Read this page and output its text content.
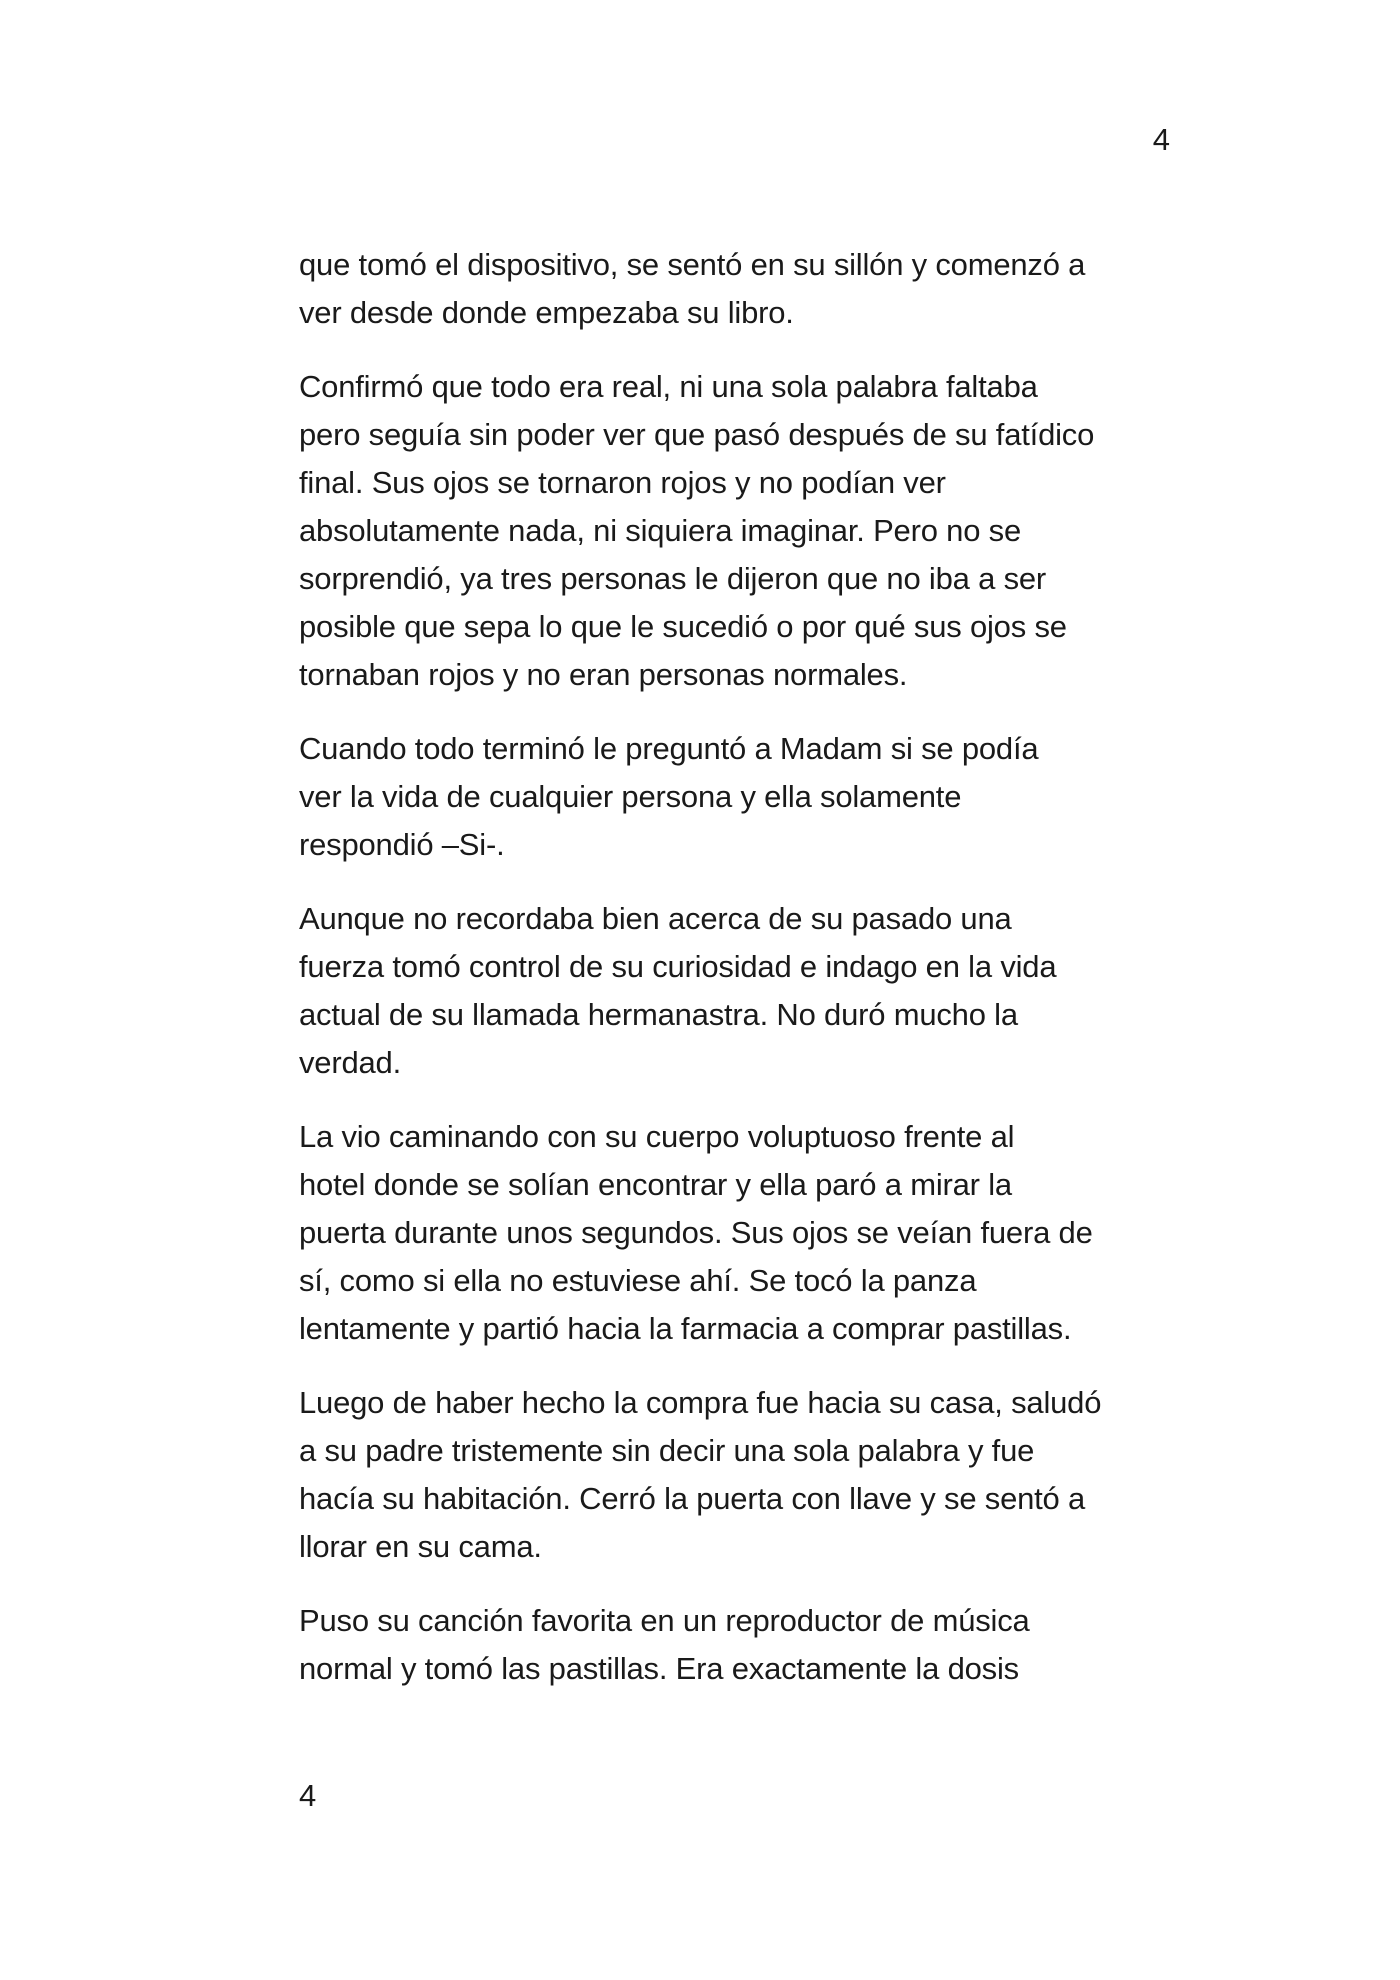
4

que tomó el dispositivo, se sentó en su sillón y comenzó a
ver desde donde empezaba su libro.

Confirmó que todo era real, ni una sola palabra faltaba
pero seguía sin poder ver que pasó después de su fatídico
final. Sus ojos se tornaron rojos y no podían ver
absolutamente nada, ni siquiera imaginar. Pero no se
sorprendió, ya tres personas le dijeron que no iba a ser
posible que sepa lo que le sucedió o por qué sus ojos se
tornaban rojos y no eran personas normales.

Cuando todo terminó le preguntó a Madam si se podía
ver la vida de cualquier persona y ella solamente
respondió –Si-.

Aunque no recordaba bien acerca de su pasado una
fuerza tomó control de su curiosidad e indago en la vida
actual de su llamada hermanastra. No duró mucho la
verdad.

La vio caminando con su cuerpo voluptuoso frente al
hotel donde se solían encontrar y ella paró a mirar la
puerta durante unos segundos. Sus ojos se veían fuera de
sí, como si ella no estuviese ahí. Se tocó la panza
lentamente y partió hacia la farmacia a comprar pastillas.

Luego de haber hecho la compra fue hacia su casa, saludó
a su padre tristemente sin decir una sola palabra y fue
hacía su habitación. Cerró la puerta con llave y se sentó a
llorar en su cama.

Puso su canción favorita en un reproductor de música
normal y tomó las pastillas. Era exactamente la dosis

4
